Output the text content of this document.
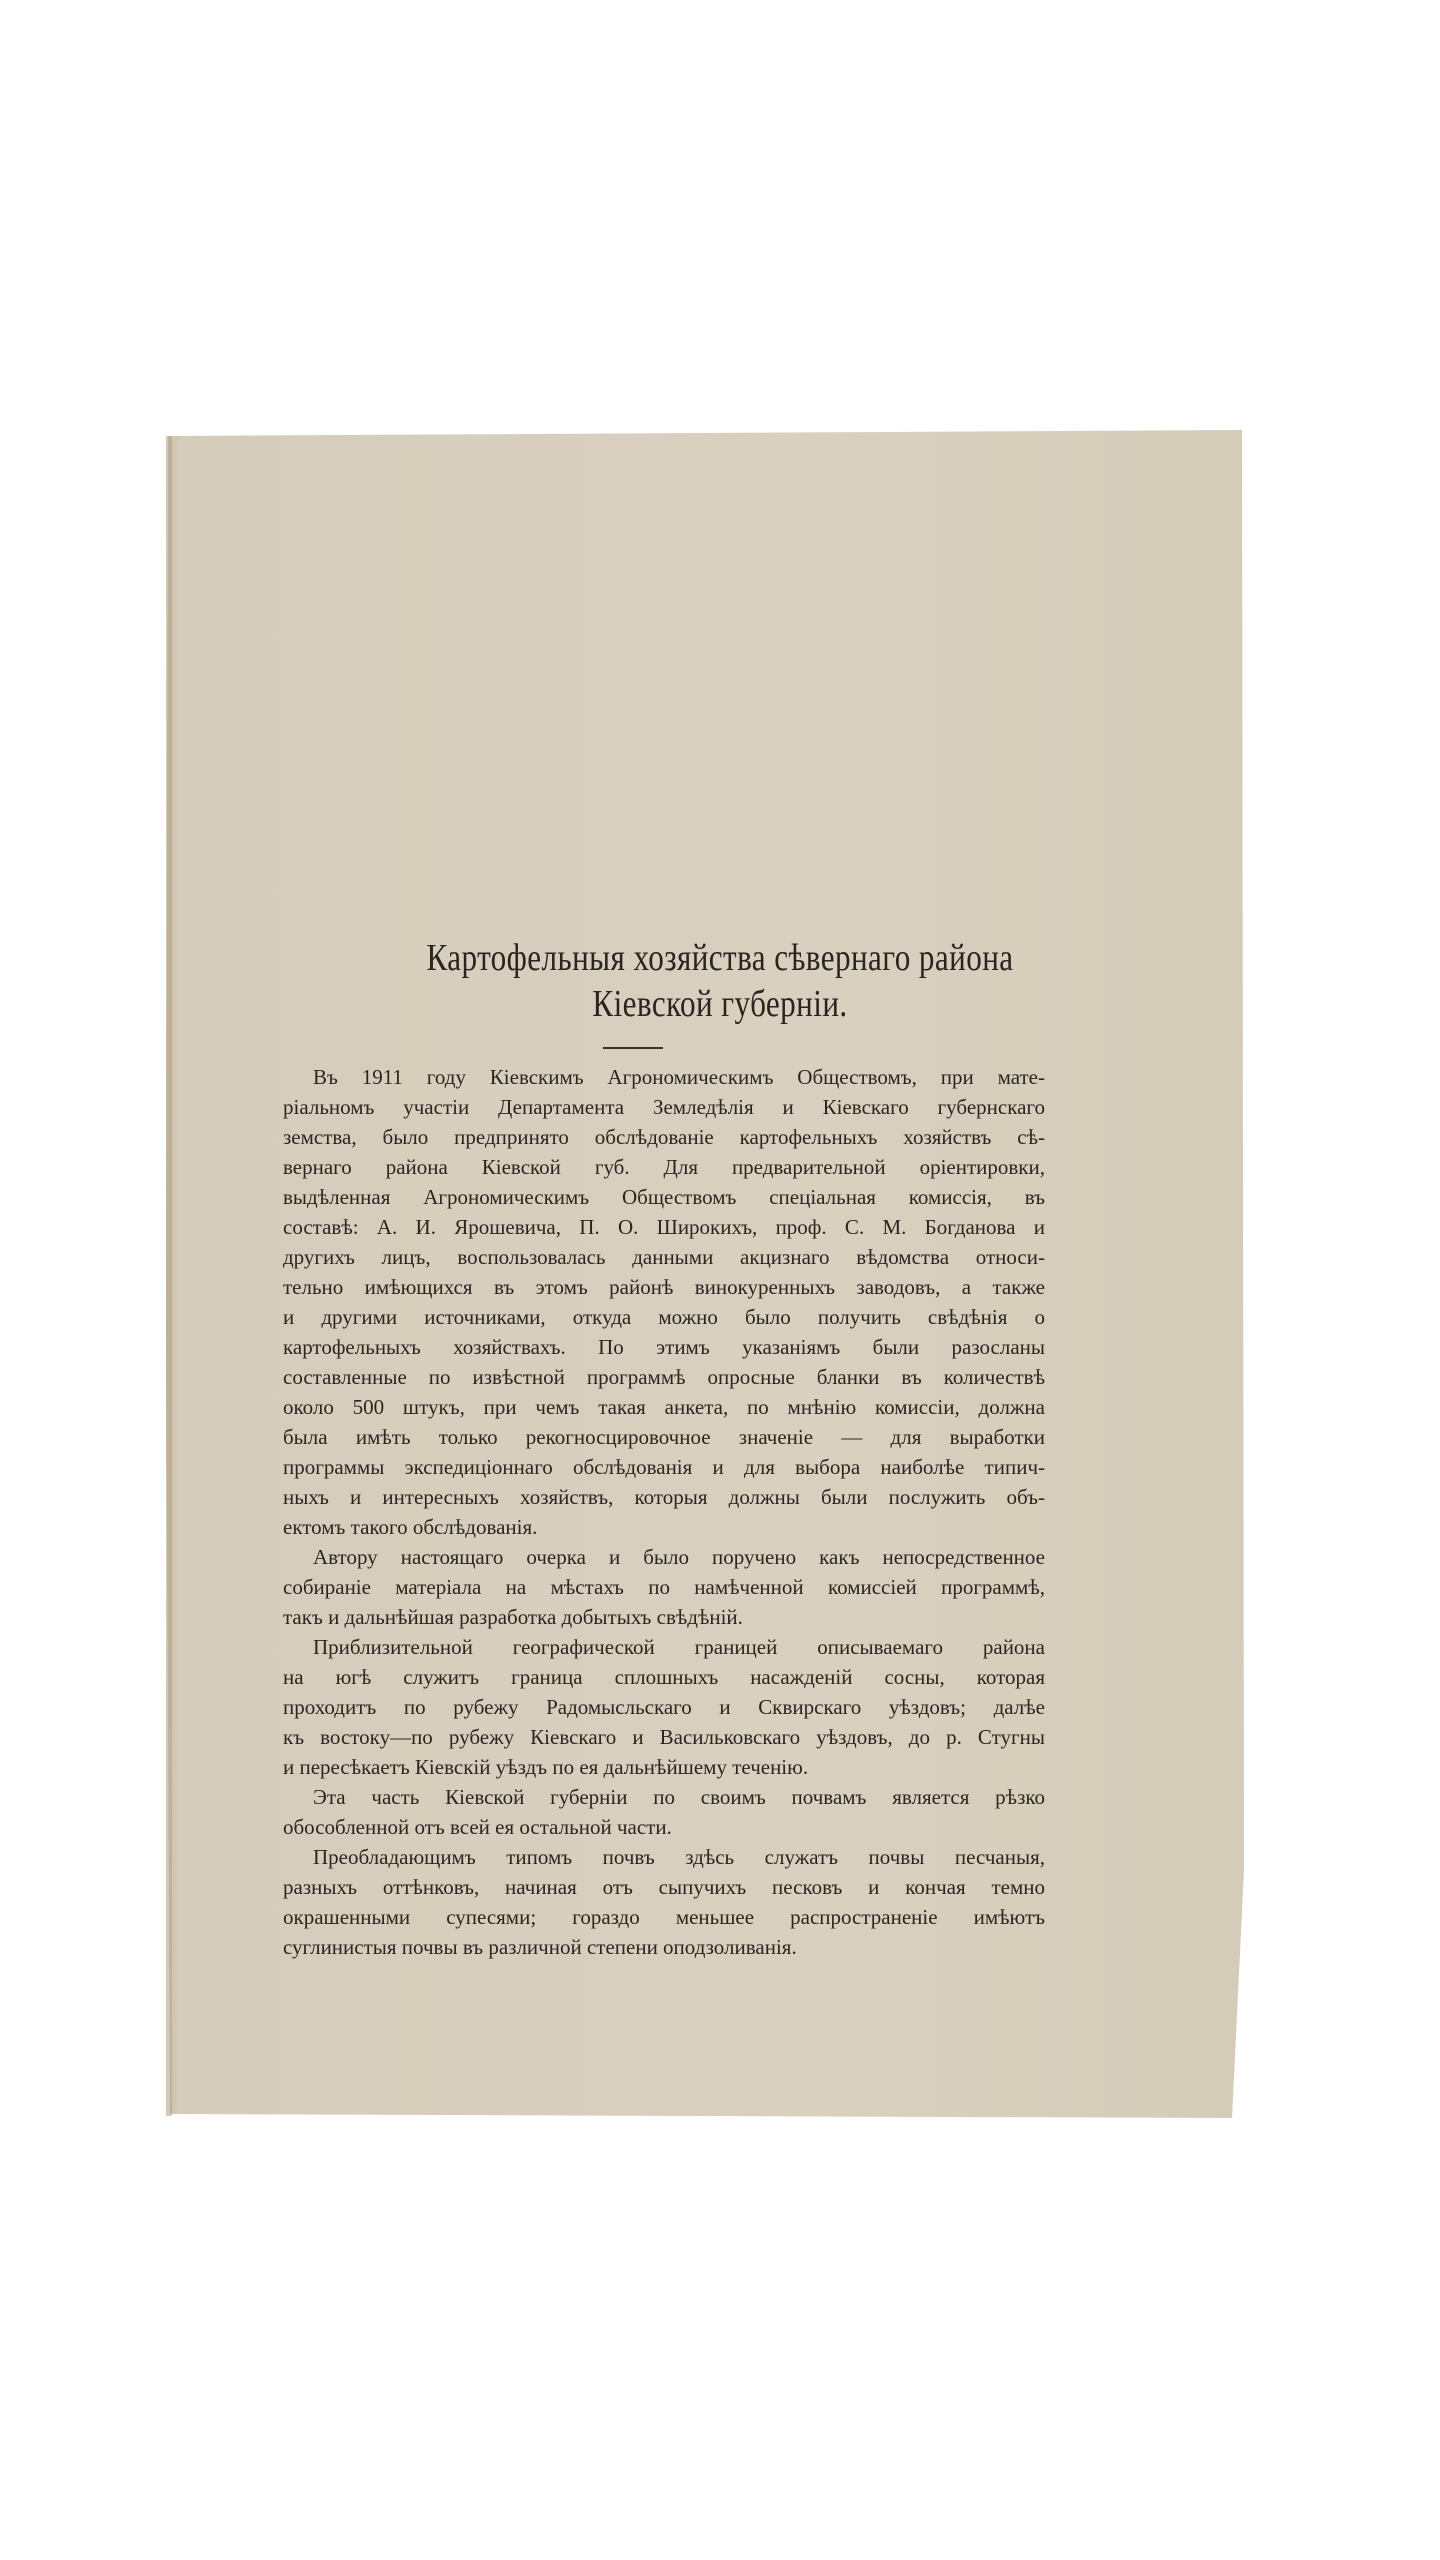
Картофельныя хозяйства сѣвернаго района
Кіевской губерніи.
Въ 1911 году Кіевскимъ Агрономическимъ Обществомъ, при мате-
ріальномъ участіи Департамента Земледѣлія и Кіевскаго губернскаго
земства, было предпринято обслѣдованіе картофельныхъ хозяйствъ сѣ-
вернаго района Кіевской губ. Для предварительной оріентировки,
выдѣленная Агрономическимъ Обществомъ спеціальная комиссія, въ
составѣ: А. И. Ярошевича, П. О. Широкихъ, проф. С. М. Богданова и
другихъ лицъ, воспользовалась данными акцизнаго вѣдомства относи-
тельно имѣющихся въ этомъ районѣ винокуренныхъ заводовъ, а также
и другими источниками, откуда можно было получить свѣдѣнія о
картофельныхъ хозяйствахъ. По этимъ указаніямъ были разосланы
составленные по извѣстной программѣ опросные бланки въ количествѣ
около 500 штукъ, при чемъ такая анкета, по мнѣнію комиссіи, должна
была имѣть только рекогносцировочное значеніе — для выработки
программы экспедиціоннаго обслѣдованія и для выбора наиболѣе типич-
ныхъ и интересныхъ хозяйствъ, которыя должны были послужить объ-
ектомъ такого обслѣдованія.
Автору настоящаго очерка и было поручено какъ непосредственное
собираніе матеріала на мѣстахъ по намѣченной комиссіей программѣ,
такъ и дальнѣйшая разработка добытыхъ свѣдѣній.
Приблизительной географической границей описываемаго района
на югѣ служитъ граница сплошныхъ насажденій сосны, которая
проходитъ по рубежу Радомысльскаго и Сквирскаго уѣздовъ; далѣе
къ востоку—по рубежу Кіевскаго и Васильковскаго уѣздовъ, до р. Стугны
и пересѣкаетъ Кіевскій уѣздъ по ея дальнѣйшему теченію.
Эта часть Кіевской губерніи по своимъ почвамъ является рѣзко
обособленной отъ всей ея остальной части.
Преобладающимъ типомъ почвъ здѣсь служатъ почвы песчаныя,
разныхъ оттѣнковъ, начиная отъ сыпучихъ песковъ и кончая темно
окрашенными супесями; гораздо меньшее распространеніе имѣютъ
суглинистыя почвы въ различной степени оподзоливанія.
